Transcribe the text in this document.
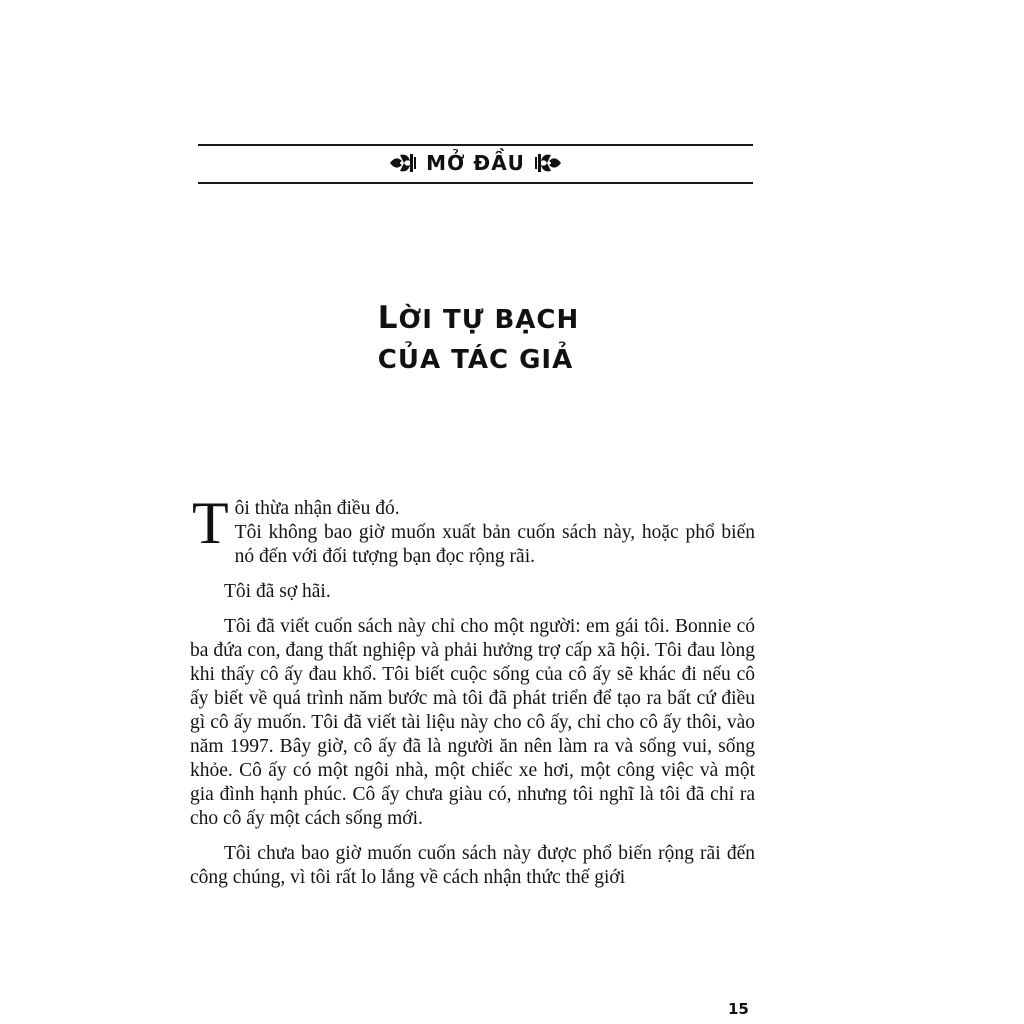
MỞ ĐẦU
LỜI TỰ BẠCH
CỦA TÁC GIẢ

Tôi thừa nhận điều đó.
Tôi không bao giờ muốn xuất bản cuốn sách này, hoặc phổ biến nó đến với đối tượng bạn đọc rộng rãi.

Tôi đã sợ hãi.

Tôi đã viết cuốn sách này chỉ cho một người: em gái tôi. Bonnie có ba đứa con, đang thất nghiệp và phải hưởng trợ cấp xã hội. Tôi đau lòng khi thấy cô ấy đau khổ. Tôi biết cuộc sống của cô ấy sẽ khác đi nếu cô ấy biết về quá trình năm bước mà tôi đã phát triển để tạo ra bất cứ điều gì cô ấy muốn. Tôi đã viết tài liệu này cho cô ấy, chỉ cho cô ấy thôi, vào năm 1997. Bây giờ, cô ấy đã là người ăn nên làm ra và sống vui, sống khỏe. Cô ấy có một ngôi nhà, một chiếc xe hơi, một công việc và một gia đình hạnh phúc. Cô ấy chưa giàu có, nhưng tôi nghĩ là tôi đã chỉ ra cho cô ấy một cách sống mới.

Tôi chưa bao giờ muốn cuốn sách này được phổ biến rộng rãi đến công chúng, vì tôi rất lo lắng về cách nhận thức thế giới

15
